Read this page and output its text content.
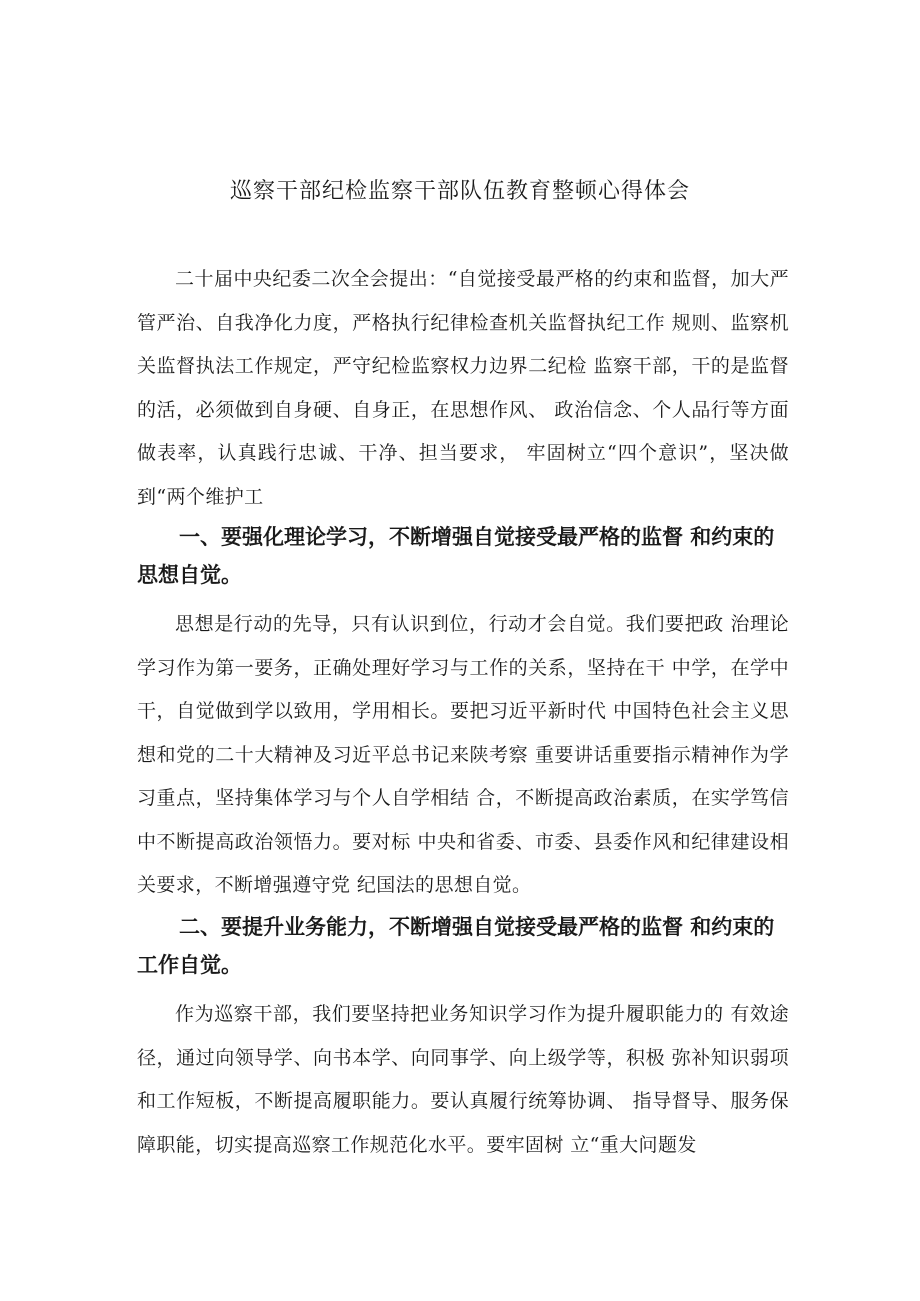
巡察干部纪检监察干部队伍教育整顿心得体会

二十届中央纪委二次全会提出：“自觉接受最严格的约束和监督，加大严管严治、自我净化力度，严格执行纪律检查机关监督执纪工作 规则、监察机关监督执法工作规定，严守纪检监察权力边界二纪检 监察干部，干的是监督的活，必须做到自身硬、自身正，在思想作风、 政治信念、个人品行等方面做表率，认真践行忠诚、干净、担当要求， 牢固树立“四个意识”，坚决做到“两个维护工

一、要强化理论学习，不断增强自觉接受最严格的监督 和约束的思想自觉。

思想是行动的先导，只有认识到位，行动才会自觉。我们要把政 治理论学习作为第一要务，正确处理好学习与工作的关系，坚持在干 中学，在学中干，自觉做到学以致用，学用相长。要把习近平新时代 中国特色社会主义思想和党的二十大精神及习近平总书记来陕考察 重要讲话重要指示精神作为学习重点，坚持集体学习与个人自学相结 合，不断提高政治素质，在实学笃信中不断提高政治领悟力。要对标 中央和省委、市委、县委作风和纪律建设相关要求，不断增强遵守党 纪国法的思想自觉。

二、要提升业务能力，不断增强自觉接受最严格的监督 和约束的工作自觉。

作为巡察干部，我们要坚持把业务知识学习作为提升履职能力的 有效途径，通过向领导学、向书本学、向同事学、向上级学等，积极 弥补知识弱项和工作短板，不断提高履职能力。要认真履行统筹协调、 指导督导、服务保障职能，切实提高巡察工作规范化水平。要牢固树 立“重大问题发
